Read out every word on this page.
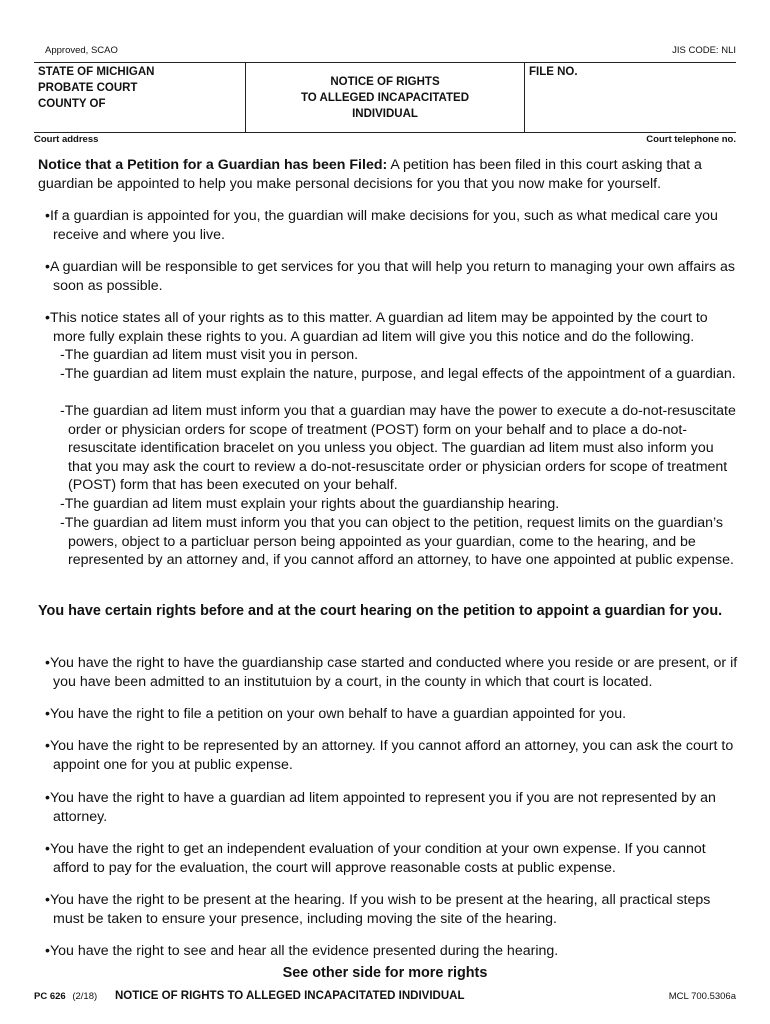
Approved, SCAO	JIS CODE: NLI
STATE OF MICHIGAN
PROBATE COURT
COUNTY OF
NOTICE OF RIGHTS
TO ALLEGED INCAPACITATED
INDIVIDUAL
FILE NO.
Court address	Court telephone no.
Notice that a Petition for a Guardian has been Filed: A petition has been filed in this court asking that a guardian be appointed to help you make personal decisions for you that you now make for yourself.
•If a guardian is appointed for you, the guardian will make decisions for you, such as what medical care you receive and where you live.
•A guardian will be responsible to get services for you that will help you return to managing your own affairs as soon as possible.
•This notice states all of your rights as to this matter. A guardian ad litem may be appointed by the court to more fully explain these rights to you. A guardian ad litem will give you this notice and do the following.
-The guardian ad litem must visit you in person.
-The guardian ad litem must explain the nature, purpose, and legal effects of the appointment of a guardian.
-The guardian ad litem must inform you that a guardian may have the power to execute a do-not-resuscitate order or physician orders for scope of treatment (POST) form on your behalf and to place a do-not-resuscitate identification bracelet on you unless you object. The guardian ad litem must also inform you that you may ask the court to review a do-not-resuscitate order or physician orders for scope of treatment (POST) form that has been executed on your behalf.
-The guardian ad litem must explain your rights about the guardianship hearing.
-The guardian ad litem must inform you that you can object to the petition, request limits on the guardian’s powers, object to a particluar person being appointed as your guardian, come to the hearing, and be represented by an attorney and, if you cannot afford an attorney, to have one appointed at public expense.
You have certain rights before and at the court hearing on the petition to appoint a guardian for you.
•You have the right to have the guardianship case started and conducted where you reside or are present, or if you have been admitted to an institutuion by a court, in the county in which that court is located.
•You have the right to file a petition on your own behalf to have a guardian appointed for you.
•You have the right to be represented by an attorney. If you cannot afford an attorney, you can ask the court to appoint one for you at public expense.
•You have the right to have a guardian ad litem appointed to represent you if you are not represented by an attorney.
•You have the right to get an independent evaluation of your condition at your own expense. If you cannot afford to pay for the evaluation, the court will approve reasonable costs at public expense.
•You have the right to be present at the hearing. If you wish to be present at the hearing, all practical steps must be taken to ensure your presence, including moving the site of the hearing.
•You have the right to see and hear all the evidence presented during the hearing.
See other side for more rights
PC 626 (2/18) NOTICE OF RIGHTS TO ALLEGED INCAPACITATED INDIVIDUAL	MCL 700.5306a
